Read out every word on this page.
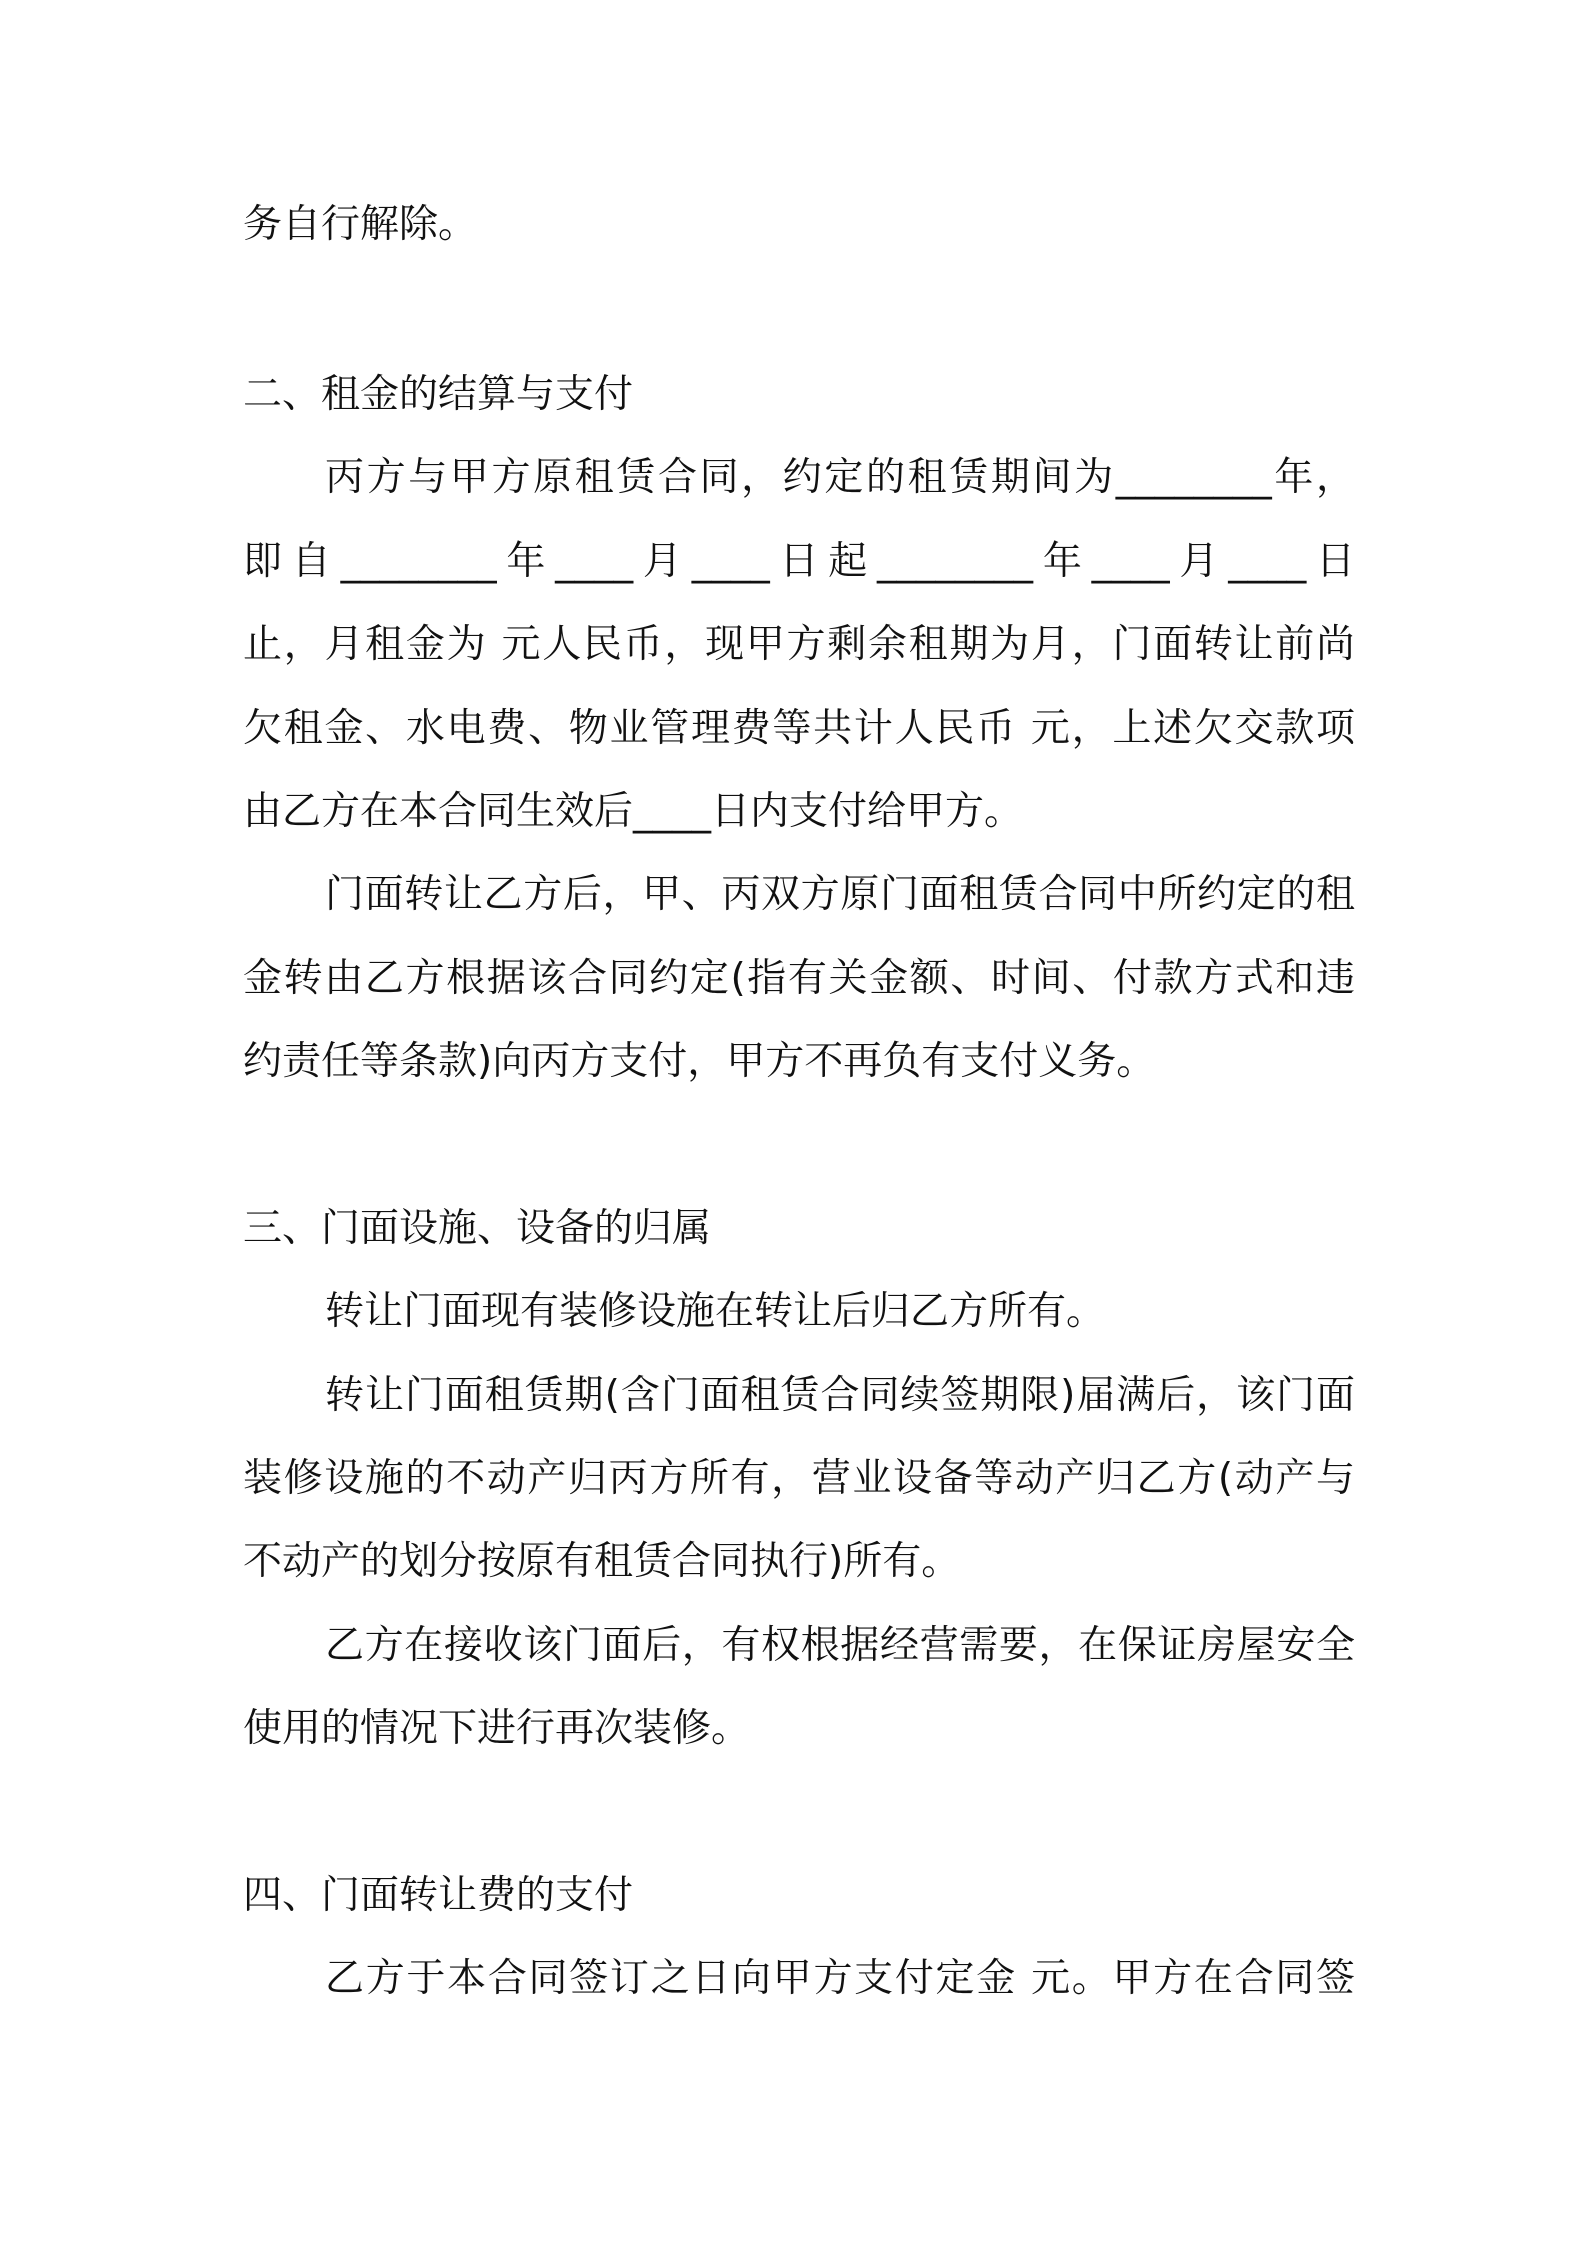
务自行解除。

二、租金的结算与支付

丙方与甲方原租赁合同，约定的租赁期间为________年，

即自________年____月____日起________年____月____日

止，月租金为 元人民币，现甲方剩余租期为月，门面转让前尚

欠租金、水电费、物业管理费等共计人民币 元，上述欠交款项

由乙方在本合同生效后____日内支付给甲方。

门面转让乙方后，甲、丙双方原门面租赁合同中所约定的租

金转由乙方根据该合同约定(指有关金额、时间、付款方式和违

约责任等条款)向丙方支付，甲方不再负有支付义务。

三、门面设施、设备的归属

转让门面现有装修设施在转让后归乙方所有。

转让门面租赁期(含门面租赁合同续签期限)届满后，该门面

装修设施的不动产归丙方所有，营业设备等动产归乙方(动产与

不动产的划分按原有租赁合同执行)所有。

乙方在接收该门面后，有权根据经营需要，在保证房屋安全

使用的情况下进行再次装修。

四、门面转让费的支付

乙方于本合同签订之日向甲方支付定金 元。甲方在合同签
